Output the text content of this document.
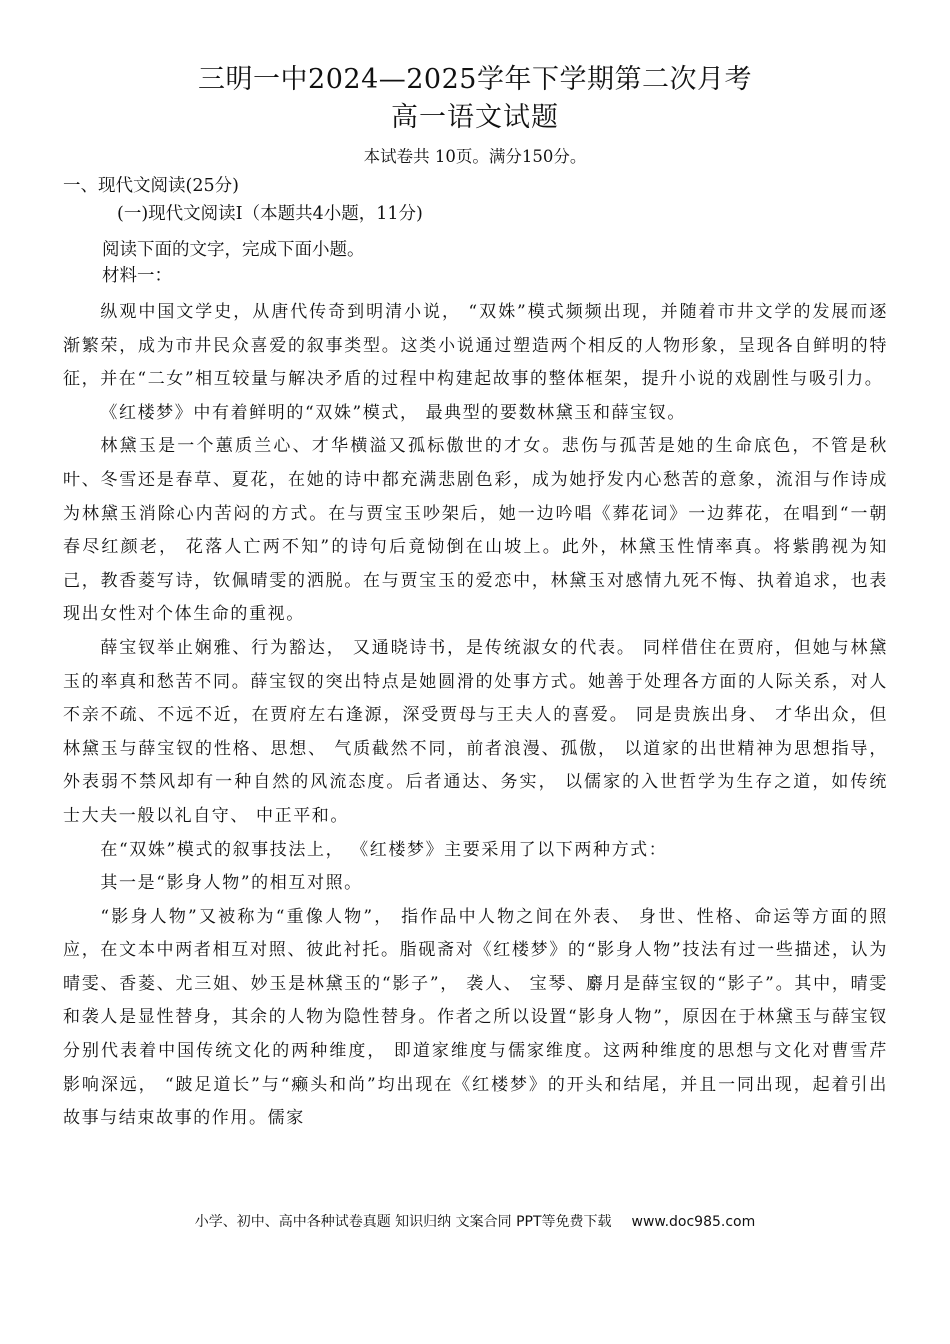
三明一中2024—2025学年下学期第二次月考
高一语文试题
本试卷共 10页。满分150分。
一、现代文阅读(25分)
(一)现代文阅读Ⅰ（本题共4小题，11分)
阅读下面的文字，完成下面小题。
材料一：

纵观中国文学史，从唐代传奇到明清小说， “双姝”模式频频出现，并随着市井文学的发展而逐渐繁荣，成为市井民众喜爱的叙事类型。这类小说通过塑造两个相反的人物形象，呈现各自鲜明的特征，并在“二女”相互较量与解决矛盾的过程中构建起故事的整体框架，提升小说的戏剧性与吸引力。

《红楼梦》中有着鲜明的“双姝”模式， 最典型的要数林黛玉和薛宝钗。

林黛玉是一个蕙质兰心、才华横溢又孤标傲世的才女。悲伤与孤苦是她的生命底色，不管是秋叶、冬雪还是春草、夏花，在她的诗中都充满悲剧色彩，成为她抒发内心愁苦的意象，流泪与作诗成为林黛玉消除心内苦闷的方式。在与贾宝玉吵架后，她一边吟唱《葬花词》一边葬花，在唱到“一朝春尽红颜老， 花落人亡两不知”的诗句后竟恸倒在山坡上。此外，林黛玉性情率真。将紫鹃视为知己，教香菱写诗，钦佩晴雯的洒脱。在与贾宝玉的爱恋中，林黛玉对感情九死不悔、执着追求，也表现出女性对个体生命的重视。

薛宝钗举止娴雅、行为豁达， 又通晓诗书，是传统淑女的代表。 同样借住在贾府，但她与林黛玉的率真和愁苦不同。薛宝钗的突出特点是她圆滑的处事方式。她善于处理各方面的人际关系，对人不亲不疏、不远不近，在贾府左右逢源，深受贾母与王夫人的喜爱。 同是贵族出身、 才华出众，但林黛玉与薛宝钗的性格、思想、 气质截然不同，前者浪漫、孤傲， 以道家的出世精神为思想指导，外表弱不禁风却有一种自然的风流态度。后者通达、务实， 以儒家的入世哲学为生存之道，如传统士大夫一般以礼自守、 中正平和。

在“双姝”模式的叙事技法上， 《红楼梦》主要采用了以下两种方式：

其一是“影身人物”的相互对照。

“影身人物”又被称为“重像人物”， 指作品中人物之间在外表、 身世、性格、命运等方面的照应，在文本中两者相互对照、彼此衬托。脂砚斋对《红楼梦》的“影身人物”技法有过一些描述，认为晴雯、香菱、尤三姐、妙玉是林黛玉的“影子”， 袭人、 宝琴、麝月是薛宝钗的“影子”。其中，晴雯和袭人是显性替身，其余的人物为隐性替身。作者之所以设置“影身人物”，原因在于林黛玉与薛宝钗分别代表着中国传统文化的两种维度， 即道家维度与儒家维度。这两种维度的思想与文化对曹雪芹影响深远， “跛足道长”与“癞头和尚”均出现在《红楼梦》的开头和结尾，并且一同出现，起着引出故事与结束故事的作用。儒家

小学、初中、高中各种试卷真题 知识归纳 文案合同 PPT等免费下载 www.doc985.com
